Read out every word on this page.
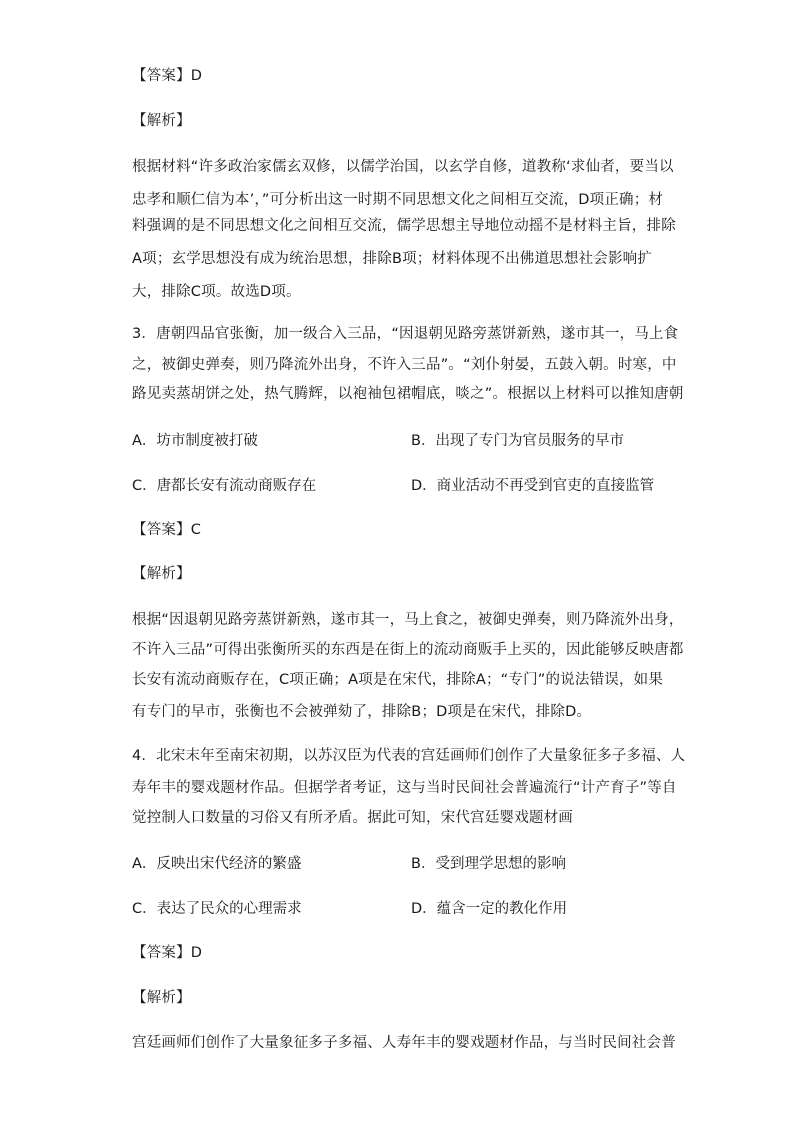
【答案】D
【解析】
根据材料“许多政治家儒玄双修，以儒学治国，以玄学自修，道教称‘求仙者，要当以
忠孝和顺仁信为本’，”可分析出这一时期不同思想文化之间相互交流，D项正确；材
料强调的是不同思想文化之间相互交流，儒学思想主导地位动摇不是材料主旨，排除
A项；玄学思想没有成为统治思想，排除B项；材料体现不出佛道思想社会影响扩
大，排除C项。故选D项。
3．唐朝四品官张衡，加一级合入三品，“因退朝见路旁蒸饼新熟，遂市其一，马上食
之，被御史弹奏，则乃降流外出身，不许入三品”。“刘仆射晏，五鼓入朝。时寒，中
路见卖蒸胡饼之处，热气腾辉，以袍袖包裙帽底，啖之”。根据以上材料可以推知唐朝
A．坊市制度被打破	B．出现了专门为官员服务的早市
C．唐都长安有流动商贩存在	D．商业活动不再受到官吏的直接监管
【答案】C
【解析】
根据“因退朝见路旁蒸饼新熟，遂市其一，马上食之，被御史弹奏，则乃降流外出身，
不许入三品”可得出张衡所买的东西是在街上的流动商贩手上买的，因此能够反映唐都
长安有流动商贩存在，C项正确；A项是在宋代，排除A；“专门”的说法错误，如果
有专门的早市，张衡也不会被弹劾了，排除B；D项是在宋代，排除D。
4．北宋末年至南宋初期，以苏汉臣为代表的宫廷画师们创作了大量象征多子多福、人
寿年丰的婴戏题材作品。但据学者考证，这与当时民间社会普遍流行“计产育子”等自
觉控制人口数量的习俗又有所矛盾。据此可知，宋代宫廷婴戏题材画
A．反映出宋代经济的繁盛	B．受到理学思想的影响
C．表达了民众的心理需求	D．蕴含一定的教化作用
【答案】D
【解析】
宫廷画师们创作了大量象征多子多福、人寿年丰的婴戏题材作品，与当时民间社会普
